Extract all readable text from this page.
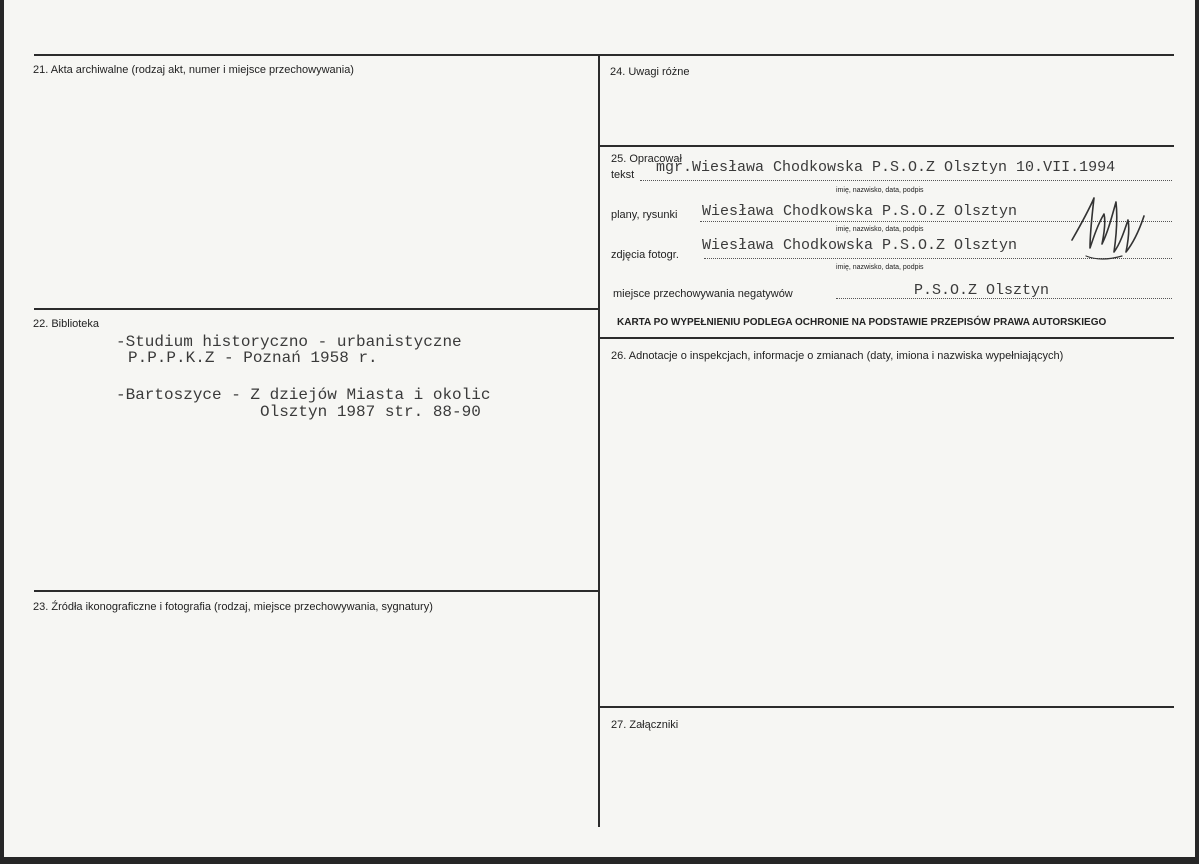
21. Akta archiwalne (rodzaj akt, numer i miejsce przechowywania)
22. Biblioteka
-Studium historyczno - urbanistyczne
P.P.P.K.Z - Poznań 1958 r.
-Bartoszyce - Z dziejów Miasta i okolic
Olsztyn 1987 str. 88-90
23. Źródła ikonograficzne i fotografia (rodzaj, miejsce przechowywania, sygnatury)
24. Uwagi różne
25. Opracował
tekst mgr.Wiesława Chodkowska P.S.O.Z Olsztyn 10.VII.1994
imię, nazwisko, data, podpis
plany, rysunki Wiesława Chodkowska P.S.O.Z Olsztyn
imię, nazwisko, data, podpis
zdjęcia fotogr.
Wiesława Chodkowska P.S.O.Z Olsztyn
imię, nazwisko, data, podpis
miejsce przechowywania negatywów	P.S.O.Z Olsztyn
KARTA PO WYPEŁNIENIU PODLEGA OCHRONIE NA PODSTAWIE PRZEPISÓW PRAWA AUTORSKIEGO
26. Adnotacje o inspekcjach, informacje o zmianach (daty, imiona i nazwiska wypełniających)
27. Załączniki
